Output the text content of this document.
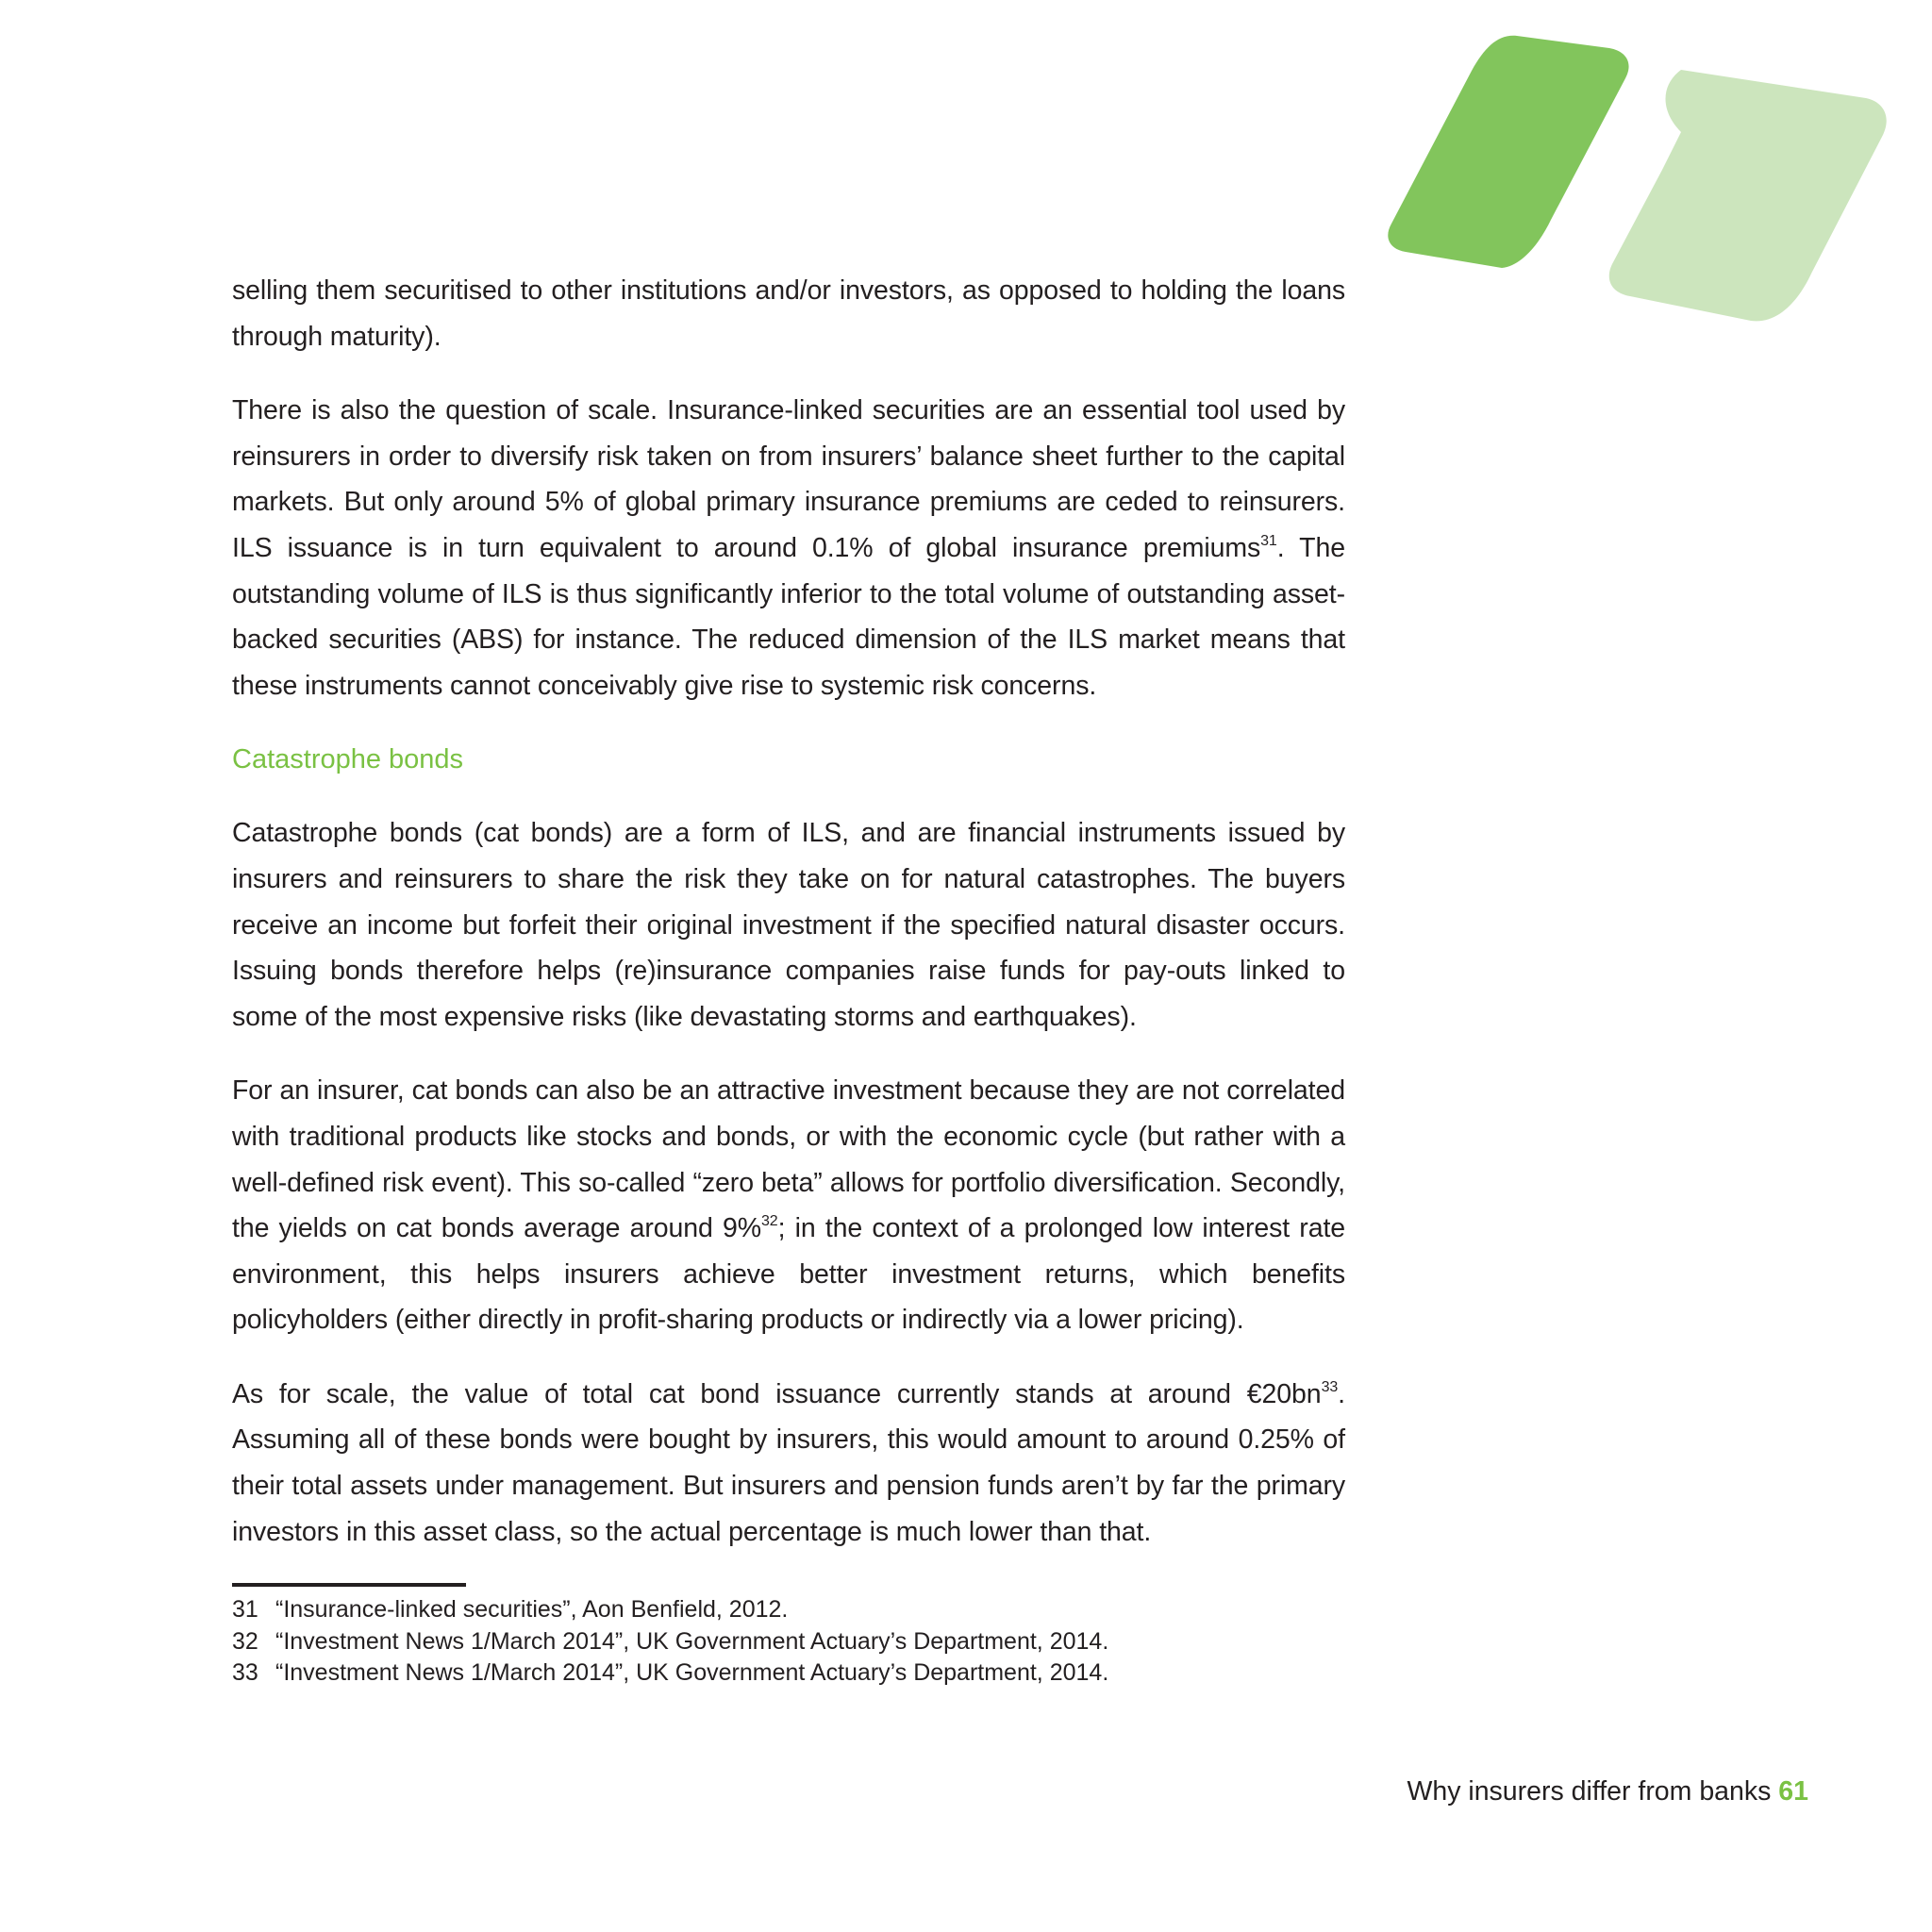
selling them securitised to other institutions and/or investors, as opposed to holding the loans through maturity).

There is also the question of scale. Insurance-linked securities are an essential tool used by reinsurers in order to diversify risk taken on from insurers’ balance sheet further to the capital markets. But only around 5% of global primary insurance premiums are ceded to reinsurers. ILS issuance is in turn equivalent to around 0.1% of global insurance premiums$^{31}$. The outstanding volume of ILS is thus significantly inferior to the total volume of outstanding asset-backed securities (ABS) for instance. The reduced dimension of the ILS market means that these instruments cannot conceivably give rise to systemic risk concerns.

Catastrophe bonds

Catastrophe bonds (cat bonds) are a form of ILS, and are financial instruments issued by insurers and reinsurers to share the risk they take on for natural catastrophes. The buyers receive an income but forfeit their original investment if the specified natural disaster occurs. Issuing bonds therefore helps (re)insurance companies raise funds for pay-outs linked to some of the most expensive risks (like devastating storms and earthquakes).

For an insurer, cat bonds can also be an attractive investment because they are not correlated with traditional products like stocks and bonds, or with the economic cycle (but rather with a well-defined risk event). This so-called “zero beta” allows for portfolio diversification. Secondly, the yields on cat bonds average around 9%$^{32}$; in the context of a prolonged low interest rate environment, this helps insurers achieve better investment returns, which benefits policyholders (either directly in profit-sharing products or indirectly via a lower pricing).

As for scale, the value of total cat bond issuance currently stands at around $€20bn^{33}$. Assuming all of these bonds were bought by insurers, this would amount to around 0.25% of their total assets under management. But insurers and pension funds aren’t by far the primary investors in this asset class, so the actual percentage is much lower than that.

31 “Insurance-linked securities”, Aon Benfield, 2012.
32 “Investment News 1/March 2014”, UK Government Actuary’s Department, 2014.
33 “Investment News 1/March 2014”, UK Government Actuary’s Department, 2014.
Why insurers differ from banks 61
